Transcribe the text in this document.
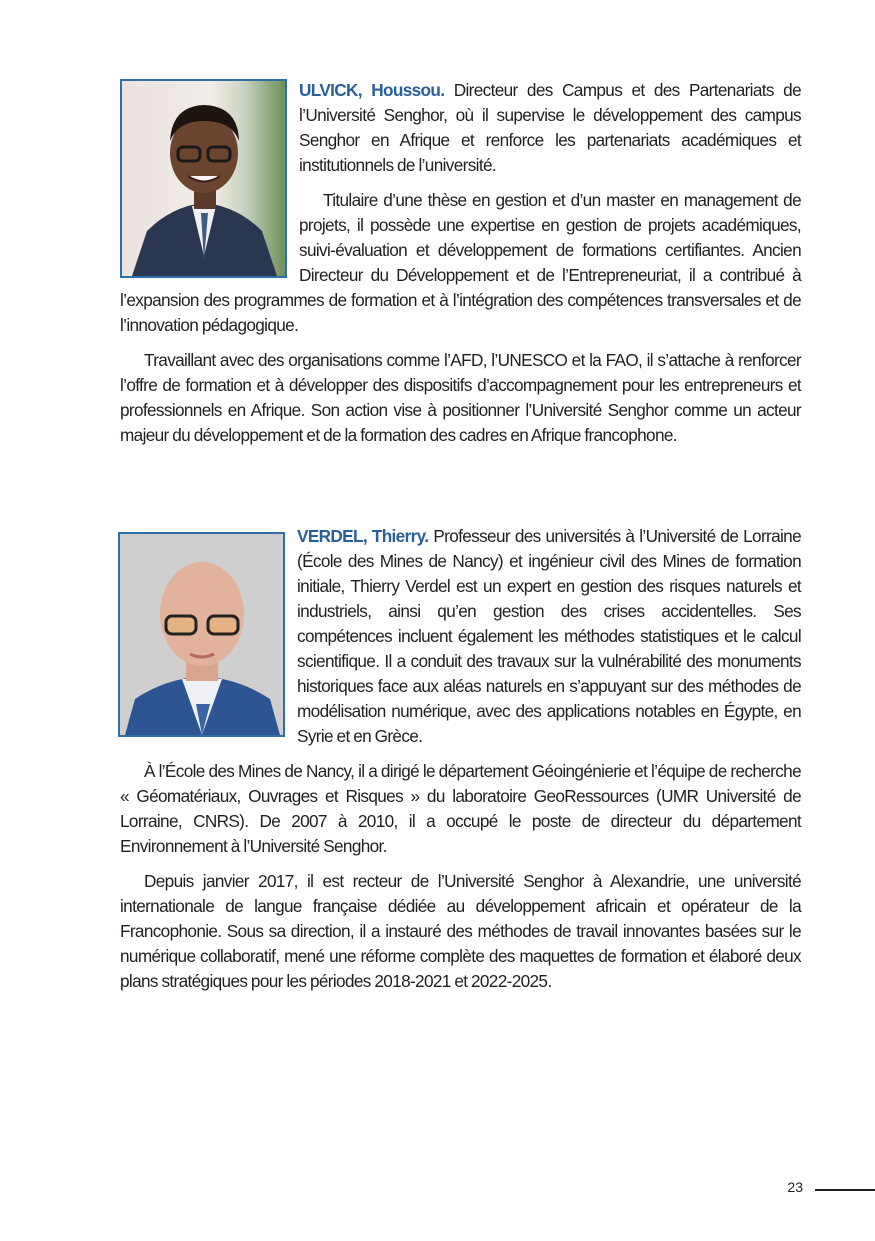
ULVICK, Houssou. Directeur des Campus et des Partenariats de l’Université Senghor, où il supervise le développement des campus Senghor en Afrique et renforce les partenariats académiques et institutionnels de l’université.

Titulaire d’une thèse en gestion et d’un master en management de projets, il possède une expertise en gestion de projets académiques, suivi-évaluation et développement de formations certifiantes. Ancien Directeur du Développement et de l’Entrepreneuriat, il a contribué à l’expansion des programmes de formation et à l’intégration des compétences transversales et de l’innovation pédagogique.

Travaillant avec des organisations comme l’AFD, l’UNESCO et la FAO, il s’attache à renforcer l’offre de formation et à développer des dispositifs d’accompagnement pour les entrepreneurs et professionnels en Afrique. Son action vise à positionner l’Université Senghor comme un acteur majeur du développement et de la formation des cadres en Afrique francophone.

VERDEL, Thierry. Professeur des universités à l’Université de Lorraine (École des Mines de Nancy) et ingénieur civil des Mines de formation initiale, Thierry Verdel est un expert en gestion des risques naturels et industriels, ainsi qu’en gestion des crises accidentelles. Ses compétences incluent également les méthodes statistiques et le calcul scientifique. Il a conduit des travaux sur la vulnérabilité des monuments historiques face aux aléas naturels en s’appuyant sur des méthodes de modélisation numérique, avec des applications notables en Égypte, en Syrie et en Grèce.

À l’École des Mines de Nancy, il a dirigé le département Géoingénierie et l’équipe de recherche « Géomatériaux, Ouvrages et Risques » du laboratoire GeoRessources (UMR Université de Lorraine, CNRS). De 2007 à 2010, il a occupé le poste de directeur du département Environnement à l’Université Senghor.

Depuis janvier 2017, il est recteur de l’Université Senghor à Alexandrie, une université internationale de langue française dédiée au développement africain et opérateur de la Francophonie. Sous sa direction, il a instauré des méthodes de travail innovantes basées sur le numérique collaboratif, mené une réforme complète des maquettes de formation et élaboré deux plans stratégiques pour les périodes 2018-2021 et 2022-2025.

23
